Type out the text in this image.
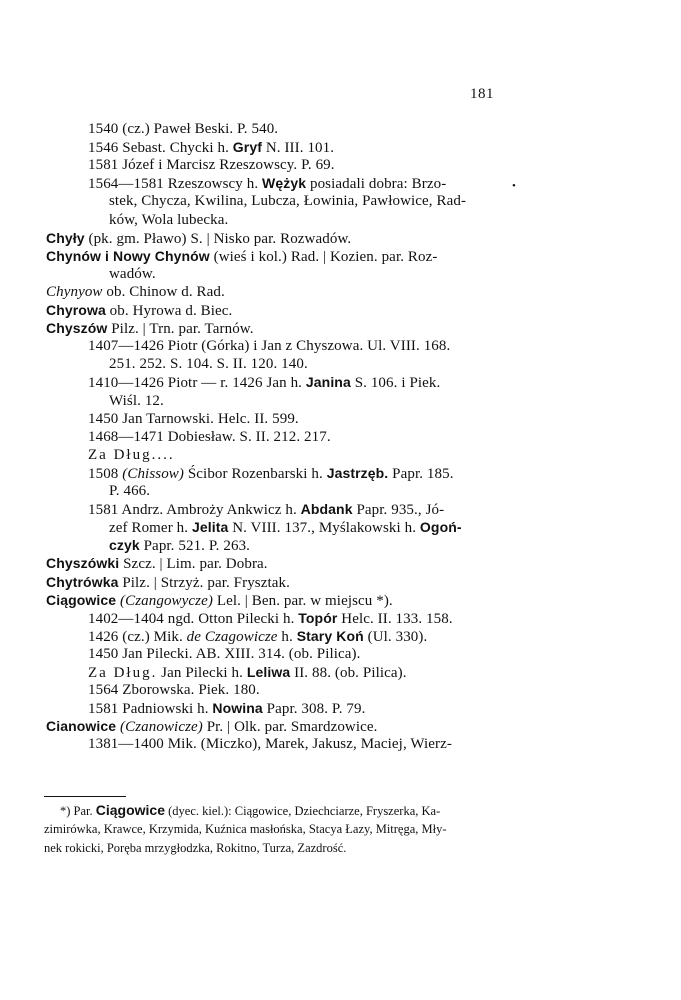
181
•
1540 (cz.) Paweł Beski. P. 540.
1546 Sebast. Chycki h. Gryf N. III. 101.
1581 Józef i Marcisz Rzeszowscy. P. 69.
1564—1581 Rzeszowscy h. Wężyk posiadali dobra: Brzo-
stek, Chycza, Kwilina, Lubcza, Łowinia, Pawłowice, Rad-
ków, Wola lubecka.
Chyły (pk. gm. Pławo) S. | Nisko par. Rozwadów.
Chynów i Nowy Chynów (wieś i kol.) Rad. | Kozien. par. Roz-
wadów.
Chynyow ob. Chinow d. Rad.
Chyrowa ob. Hyrowa d. Biec.
Chyszów Pilz. | Trn. par. Tarnów.
1407—1426 Piotr (Górka) i Jan z Chyszowa. Ul. VIII. 168.
251. 252. S. 104. S. II. 120. 140.
1410—1426 Piotr — r. 1426 Jan h. Janina S. 106. i Piek.
Wiśl. 12.
1450 Jan Tarnowski. Helc. II. 599.
1468—1471 Dobiesław. S. II. 212. 217.
Za Dług....
1508 (Chissow) Ścibor Rozenbarski h. Jastrzęb. Papr. 185.
P. 466.
1581 Andrz. Ambroży Ankwicz h. Abdank Papr. 935., Jó-
zef Romer h. Jelita N. VIII. 137., Myślakowski h. Ogoń-
czyk Papr. 521. P. 263.
Chyszówki Szcz. | Lim. par. Dobra.
Chytrówka Pilz. | Strzyż. par. Frysztak.
Ciągowice (Czangowycze) Lel. | Ben. par. w miejscu *).
1402—1404 ngd. Otton Pilecki h. Topór Helc. II. 133. 158.
1426 (cz.) Mik. de Czagowicze h. Stary Koń (Ul. 330).
1450 Jan Pilecki. AB. XIII. 314. (ob. Pilica).
Za Dług. Jan Pilecki h. Leliwa II. 88. (ob. Pilica).
1564 Zborowska. Piek. 180.
1581 Padniowski h. Nowina Papr. 308. P. 79.
Cianowice (Czanowicze) Pr. | Olk. par. Smardzowice.
1381—1400 Mik. (Miczko), Marek, Jakusz, Maciej, Wierz-
*) Par. Ciągowice (dyec. kiel.): Ciągowice, Dziechciarze, Fryszerka, Ka-
zimirówka, Krawce, Krzymida, Kuźnica masłońska, Stacya Łazy, Mitręga, Mły-
nek rokicki, Poręba mrzygłodzka, Rokitno, Turza, Zazdrość.
